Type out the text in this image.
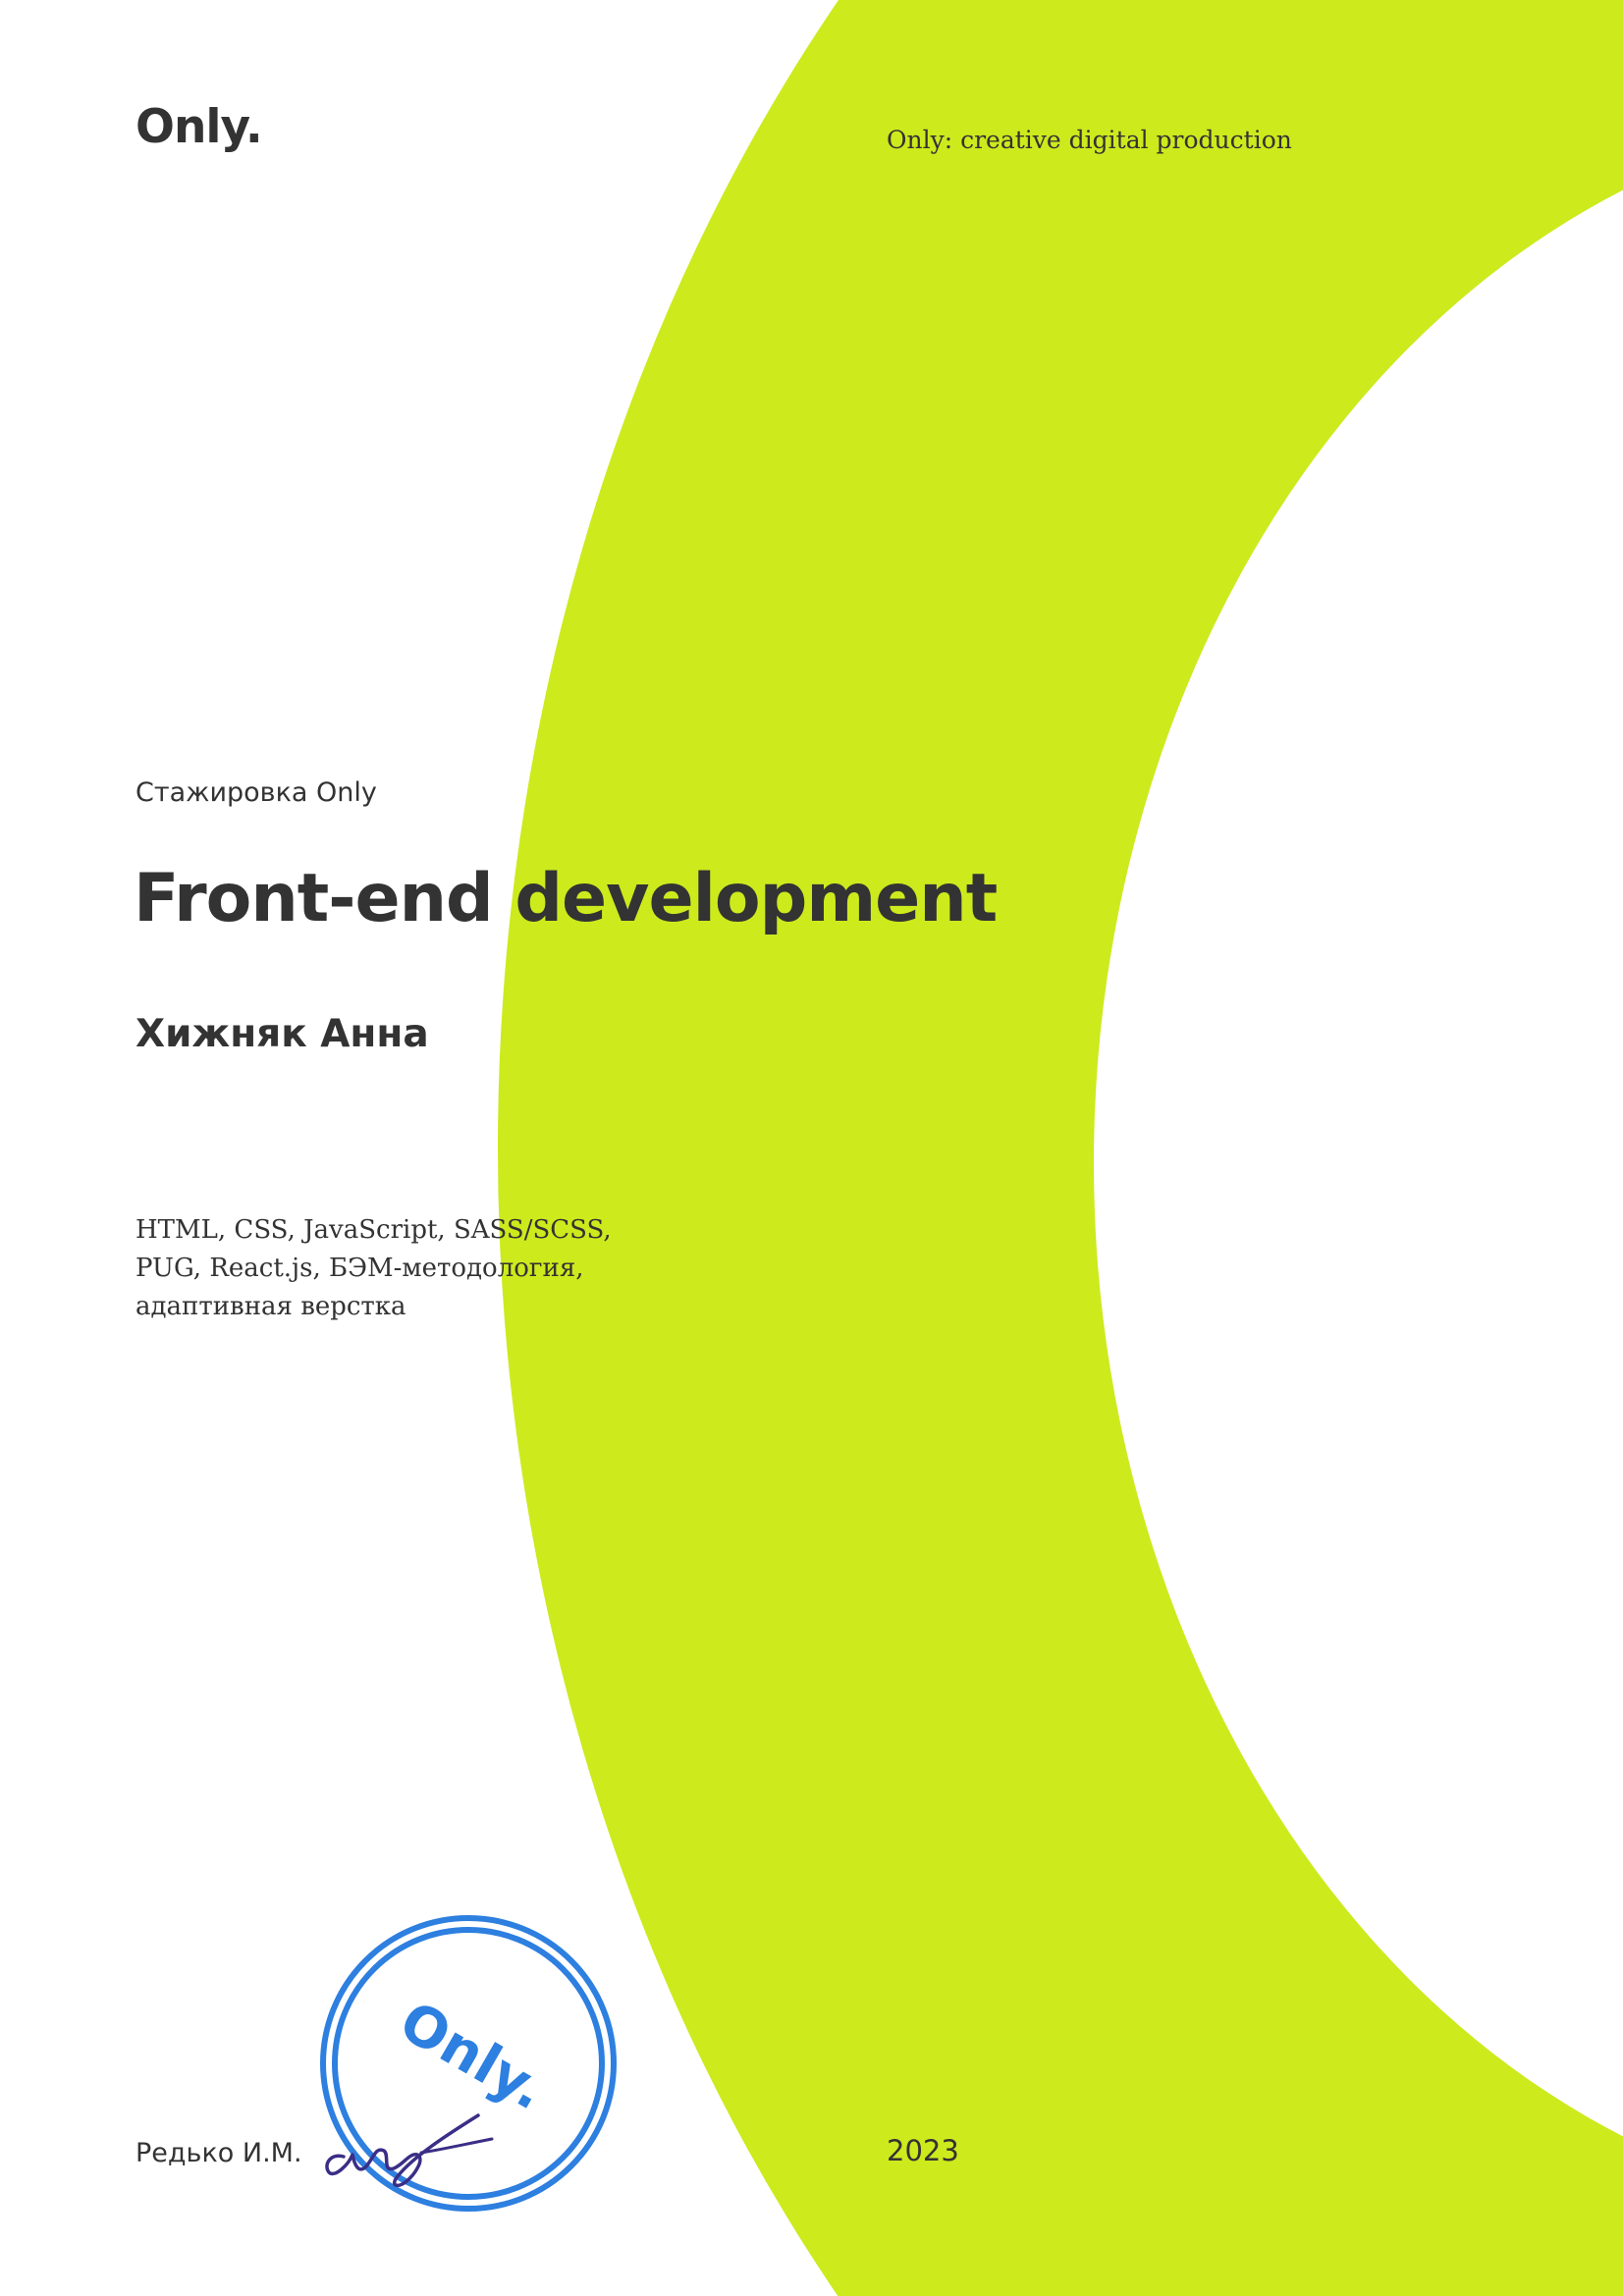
Only.	Only: creative digital production
Стажировка Only
Front-end development
Хижняк Анна
HTML, CSS, JavaScript, SASS/SCSS,
PUG, React.js, БЭМ-методология,
адаптивная верстка
Редько И.М.	2023
Only.
